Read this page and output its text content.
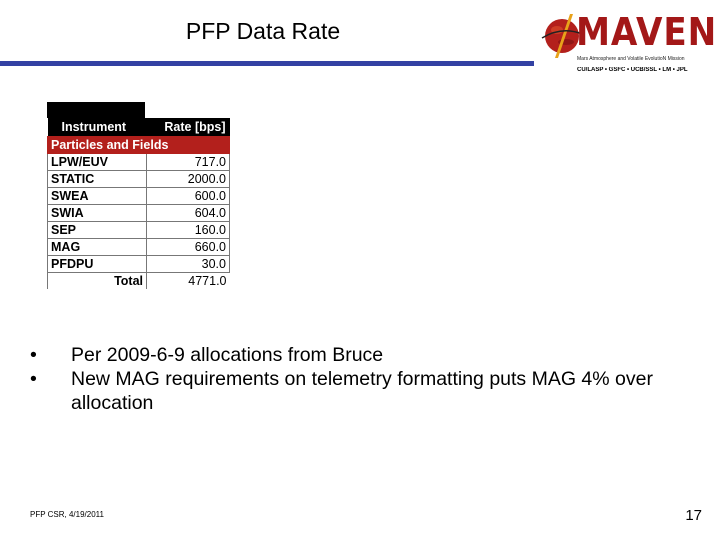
PFP Data Rate	MAVEN
Mars Atmosphere and Volatile EvolutioN Mission
CU/LASP • GSFC • UCB/SSL • LM • JPL
Instrument	Rate [bps]
Particles and Fields	
LPW/EUV	717.0
STATIC	2000.0
SWEA	600.0
SWIA	604.0
SEP	160.0
MAG	660.0
PFDPU	30.0
Total	4771.0
• Per 2009-6-9 allocations from Bruce
• New MAG requirements on telemetry formatting puts MAG 4% over allocation
PFP CSR, 4/19/2011	17
